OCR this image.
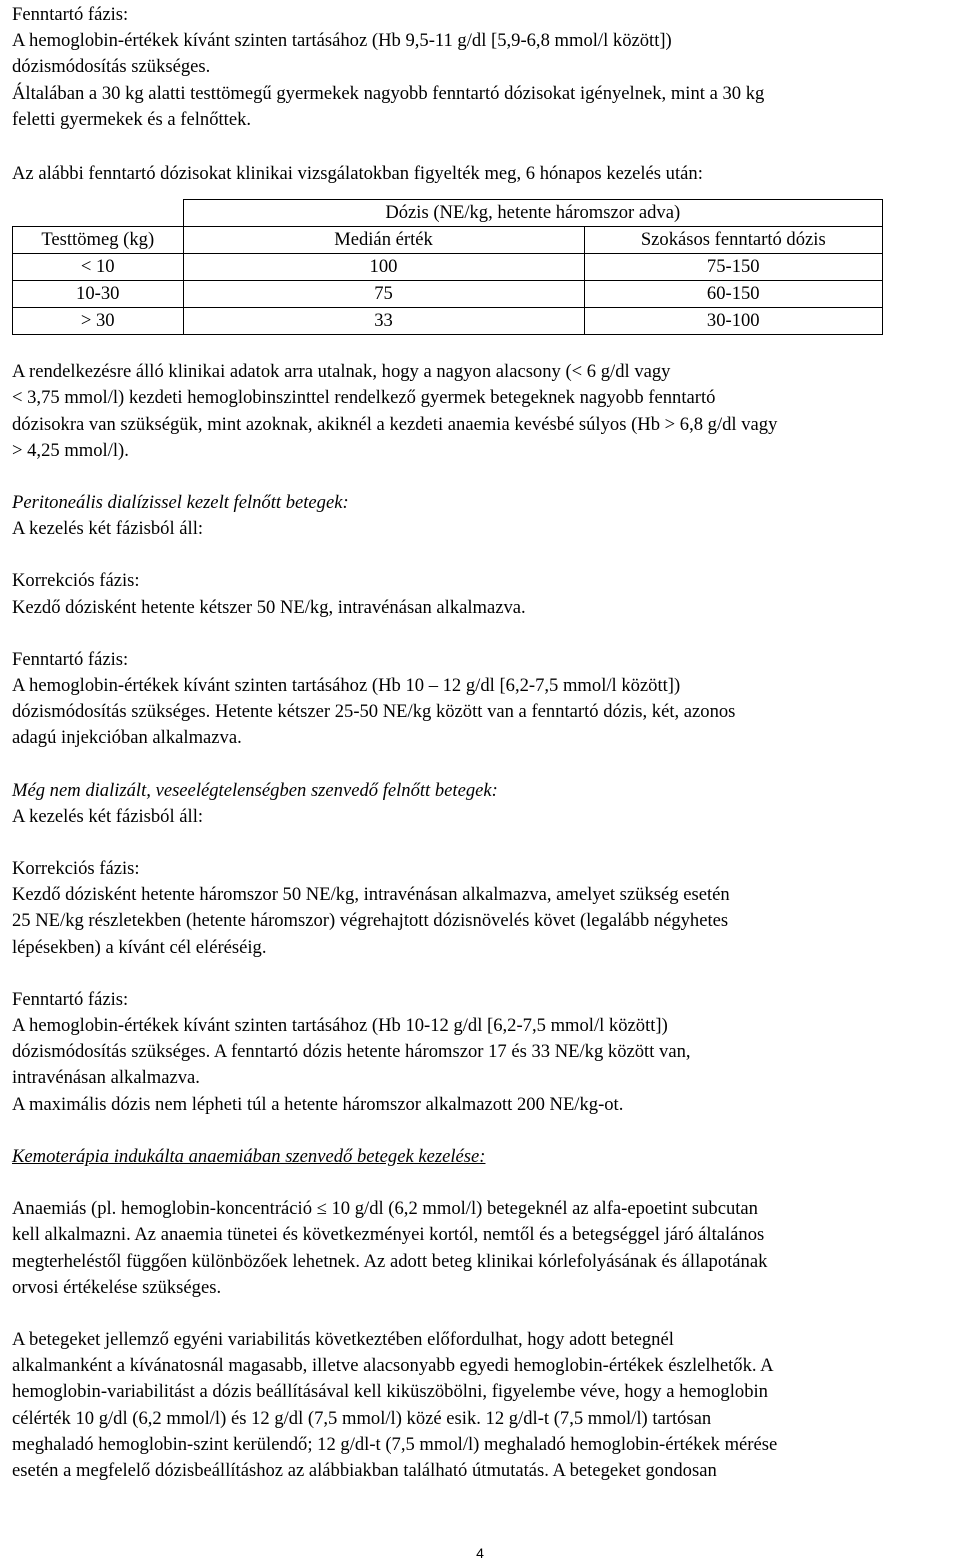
Fenntartó fázis:

A hemoglobin-értékek kívánt szinten tartásához (Hb 9,5-11 g/dl [5,9-6,8 mmol/l között])

dózismódosítás szükséges.

Általában a 30 kg alatti testtömegű gyermekek nagyobb fenntartó dózisokat igényelnek, mint a 30 kg

feletti gyermekek és a felnőttek.

Az alábbi fenntartó dózisokat klinikai vizsgálatokban figyelték meg, 6 hónapos kezelés után:

	Dózis (NE/kg, hetente háromszor adva)	
Testtömeg (kg)	Medián érték	Szokásos fenntartó dózis
< 10	100	75-150
10-30	75	60-150
> 30	33	30-100

A rendelkezésre álló klinikai adatok arra utalnak, hogy a nagyon alacsony (< 6 g/dl vagy

< 3,75 mmol/l) kezdeti hemoglobinszinttel rendelkező gyermek betegeknek nagyobb fenntartó

dózisokra van szükségük, mint azoknak, akiknél a kezdeti anaemia kevésbé súlyos (Hb > 6,8 g/dl vagy

> 4,25 mmol/l).

Peritoneális dialízissel kezelt felnőtt betegek:

A kezelés két fázisból áll:

Korrekciós fázis:

Kezdő dózisként hetente kétszer 50 NE/kg, intravénásan alkalmazva.

Fenntartó fázis:

A hemoglobin-értékek kívánt szinten tartásához (Hb 10 – 12 g/dl [6,2-7,5 mmol/l között])

dózismódosítás szükséges. Hetente kétszer 25-50 NE/kg között van a fenntartó dózis, két, azonos

adagú injekcióban alkalmazva.

Még nem dializált, veseelégtelenségben szenvedő felnőtt betegek:

A kezelés két fázisból áll:

Korrekciós fázis:

Kezdő dózisként hetente háromszor 50 NE/kg, intravénásan alkalmazva, amelyet szükség esetén

25 NE/kg részletekben (hetente háromszor) végrehajtott dózisnövelés követ (legalább négyhetes

lépésekben) a kívánt cél eléréséig.

Fenntartó fázis:

A hemoglobin-értékek kívánt szinten tartásához (Hb 10-12 g/dl [6,2-7,5 mmol/l között])

dózismódosítás szükséges. A fenntartó dózis hetente háromszor 17 és 33 NE/kg között van,

intravénásan alkalmazva.

A maximális dózis nem lépheti túl a hetente háromszor alkalmazott 200 NE/kg-ot.

Kemoterápia indukálta anaemiában szenvedő betegek kezelése:

Anaemiás (pl. hemoglobin-koncentráció ≤ 10 g/dl (6,2 mmol/l) betegeknél az alfa-epoetint subcutan

kell alkalmazni. Az anaemia tünetei és következményei kortól, nemtől és a betegséggel járó általános

megterheléstől függően különbözőek lehetnek. Az adott beteg klinikai kórlefolyásának és állapotának

orvosi értékelése szükséges.

A betegeket jellemző egyéni variabilitás következtében előfordulhat, hogy adott betegnél

alkalmanként a kívánatosnál magasabb, illetve alacsonyabb egyedi hemoglobin-értékek észlelhetők. A

hemoglobin-variabilitást a dózis beállításával kell kiküszöbölni, figyelembe véve, hogy a hemoglobin

célérték 10 g/dl (6,2 mmol/l) és 12 g/dl (7,5 mmol/l) közé esik. 12 g/dl-t (7,5 mmol/l) tartósan

meghaladó hemoglobin-szint kerülendő; 12 g/dl-t (7,5 mmol/l) meghaladó hemoglobin-értékek mérése

esetén a megfelelő dózisbeállításhoz az alábbiakban található útmutatás. A betegeket gondosan

4
